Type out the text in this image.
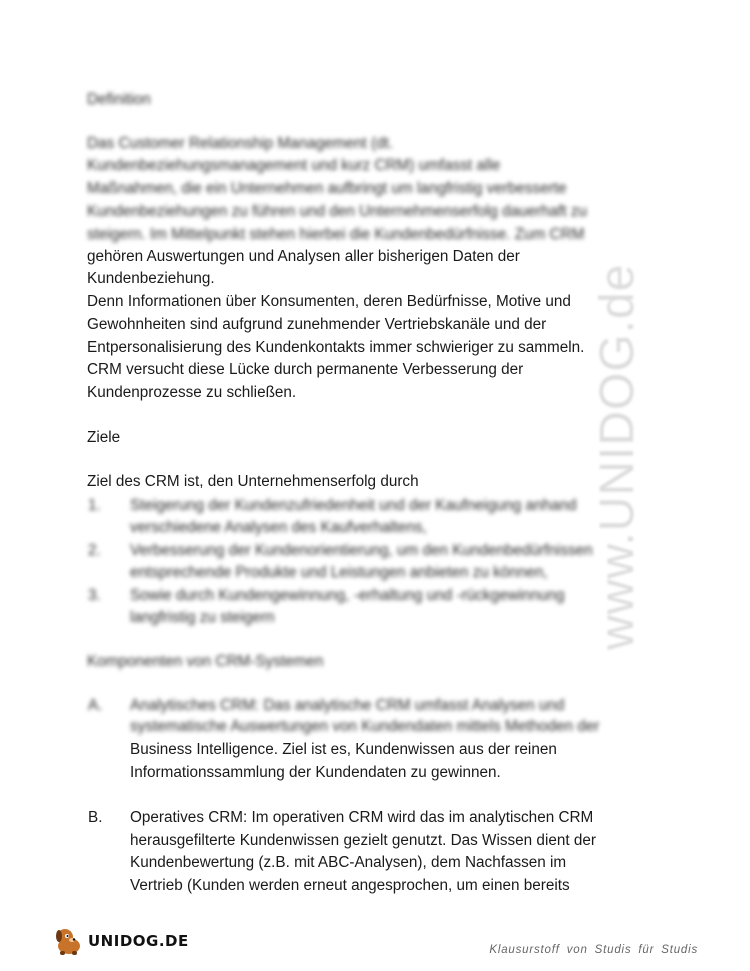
www.UNIDOG.de
Definition
Das Customer Relationship Management (dt.
Kundenbeziehungsmanagement und kurz CRM) umfasst alle
Maßnahmen, die ein Unternehmen aufbringt um langfristig verbesserte
Kundenbeziehungen zu führen und den Unternehmenserfolg dauerhaft zu
steigern. Im Mittelpunkt stehen hierbei die Kundenbedürfnisse. Zum CRM
gehören Auswertungen und Analysen aller bisherigen Daten der
Kundenbeziehung.
Denn Informationen über Konsumenten, deren Bedürfnisse, Motive und
Gewohnheiten sind aufgrund zunehmender Vertriebskanäle und der
Entpersonalisierung des Kundenkontakts immer schwieriger zu sammeln.
CRM versucht diese Lücke durch permanente Verbesserung der
Kundenprozesse zu schließen.
Ziele
Ziel des CRM ist, den Unternehmenserfolg durch
1. Steigerung der Kundenzufriedenheit und der Kaufneigung anhand
verschiedene Analysen des Kaufverhaltens,
2. Verbesserung der Kundenorientierung, um den Kundenbedürfnissen
entsprechende Produkte und Leistungen anbieten zu können,
3. Sowie durch Kundengewinnung, -erhaltung und -rückgewinnung
langfristig zu steigern
Komponenten von CRM-Systemen
A. Analytisches CRM: Das analytische CRM umfasst Analysen und
systematische Auswertungen von Kundendaten mittels Methoden der
Business Intelligence. Ziel ist es, Kundenwissen aus der reinen
Informationssammlung der Kundendaten zu gewinnen.
B. Operatives CRM: Im operativen CRM wird das im analytischen CRM
herausgefilterte Kundenwissen gezielt genutzt. Das Wissen dient der
Kundenbewertung (z.B. mit ABC-Analysen), dem Nachfassen im
Vertrieb (Kunden werden erneut angesprochen, um einen bereits
UNIDOG.DE	Klausurstoff von Studis für Studis
